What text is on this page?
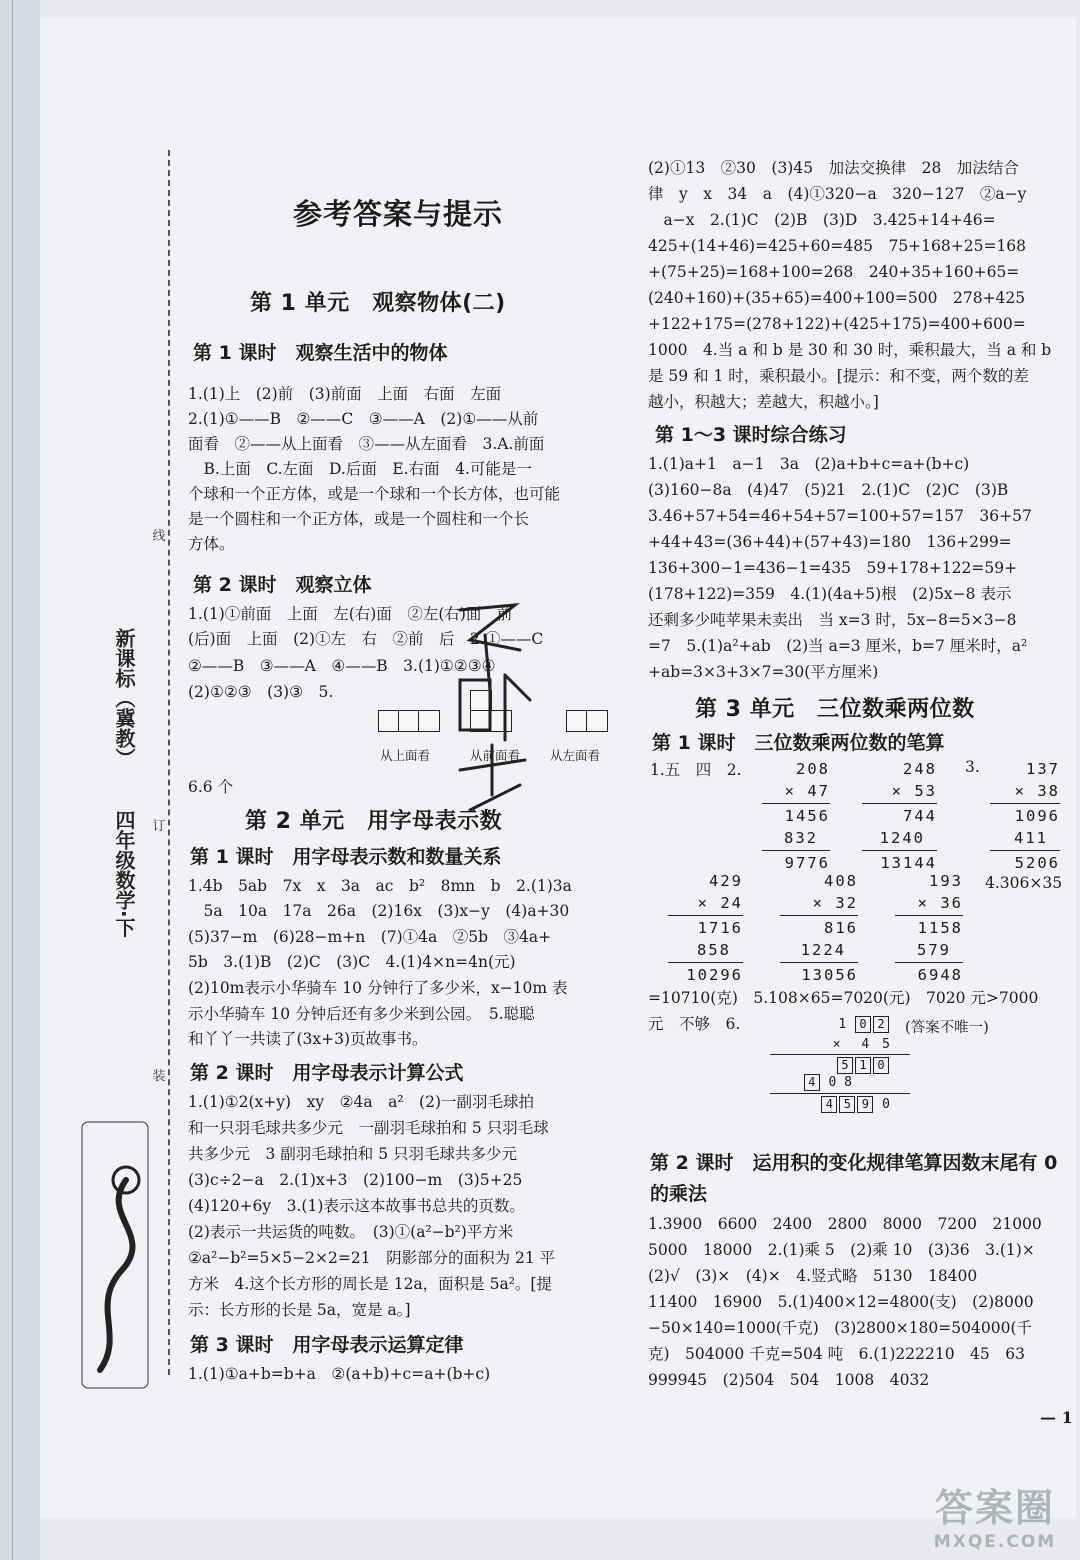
线
订
装
新课标（冀教）
四年级数学·下
参考答案与提示
第 1 单元　观察物体(二)
第 1 课时　观察生活中的物体
1.(1)上　(2)前　(3)前面　上面　右面　左面
2.(1)①——B　②——C　③——A　(2)①——从前
面看　②——从上面看　③——从左面看　3.A.前面
　B.上面　C.左面　D.后面　E.右面　4.可能是一
个球和一个正方体，或是一个球和一个长方体，也可能
是一个圆柱和一个正方体，或是一个圆柱和一个长
方体。
第 2 课时　观察立体
1.(1)①前面　上面　左(右)面　②左(右)面　前
(后)面　上面　(2)①左　右　②前　后　2.①——C
②——B　③——A　④——B　3.(1)①②③④
(2)①②③　(3)③　5.
从上面看	从前面看 从左面看
6.6 个
第 2 单元　用字母表示数
第 1 课时　用字母表示数和数量关系
1.4b　5ab　7x　x　3a　ac　b²　8mn　b　2.(1)3a
　5a　10a　17a　26a　(2)16x　(3)x−y　(4)a+30
(5)37−m　(6)28−m+n　(7)①4a　②5b　③4a+
5b　3.(1)B　(2)C　(3)C　4.(1)4×n=4n(元)
(2)10m表示小华骑车 10 分钟行了多少米，x−10m 表
示小华骑车 10 分钟后还有多少米到公园。　5.聪聪
和丫丫一共读了(3x+3)页故事书。
第 2 课时　用字母表示计算公式
1.(1)①2(x+y)　xy　②4a　a²　(2)一副羽毛球拍
和一只羽毛球共多少元　一副羽毛球拍和 5 只羽毛球
共多少元　3 副羽毛球拍和 5 只羽毛球共多少元
(3)c÷2−a　2.(1)x+3　(2)100−m　(3)5+25
(4)120+6y　3.(1)表示这本故事书总共的页数。
(2)表示一共运货的吨数。　(3)①(a²−b²)平方米
②a²−b²=5×5−2×2=21　阴影部分的面积为 21 平
方米　4.这个长方形的周长是 12a，面积是 5a²。[提
示：长方形的长是 5a，宽是 a。]
第 3 课时　用字母表示运算定律
1.(1)①a+b=b+a　②(a+b)+c=a+(b+c)
(2)①13　②30　(3)45　加法交换律　28　加法结合
律　y　x　34　a　(4)①320−a　320−127　②a−y
　a−x　2.(1)C　(2)B　(3)D　3.425+14+46=
425+(14+46)=425+60=485　75+168+25=168
+(75+25)=168+100=268　240+35+160+65=
(240+160)+(35+65)=400+100=500　278+425
+122+175=(278+122)+(425+175)=400+600=
1000　4.当 a 和 b 是 30 和 30 时，乘积最大，当 a 和 b
是 59 和 1 时，乘积最小。[提示：和不变，两个数的差
越小，积越大；差越大，积越小。]
第 1～3 课时综合练习
1.(1)a+1　a−1　3a　(2)a+b+c=a+(b+c)
(3)160−8a　(4)47　(5)21　2.(1)C　(2)C　(3)B
3.46+57+54=46+54+57=100+57=157　36+57
+44+43=(36+44)+(57+43)=180　136+299=
136+300−1=436−1=435　59+178+122=59+
(178+122)=359　4.(1)(4a+5)根　(2)5x−8 表示
还剩多少吨苹果未卖出　当 x=3 时，5x−8=5×3−8
=7　5.(1)a²+ab　(2)当 a=3 厘米，b=7 厘米时，a²
+ab=3×3+3×7=30(平方厘米)
第 3 单元　三位数乘两位数
第 1 课时　三位数乘两位数的笔算
1.五　四　2.	3.
208
× 47
1456
832
9776
248
× 53
744
1240
13144
137
× 38
1096
411
5206
429
× 24
1716
858
10296
408
× 32
816
1224
13056
193
× 36
1158
579
6948
4.306×35
=10710(克)　5.108×65=7020(元)　7020 元>7000
元　不够　6.	1 0 2
× 　4　5
5 1 0
4 0 8
4 5 9 0
(答案不唯一)
第 2 课时　运用积的变化规律笔算因数末尾有 0 的乘法
1.3900　6600　2400　2800　8000　7200　21000
5000　18000　2.(1)乘 5　(2)乘 10　(3)36　3.(1)×
(2)√　(3)×　(4)×　4.竖式略　5130　18400
11400　16900　5.(1)400×12=4800(支)　(2)8000
−50×140=1000(千克)　(3)2800×180=504000(千
克)　504000 千克=504 吨　6.(1)222210　45　63
999945　(2)504　504　1008　4032
— 1
答案圈
MXQE.COM
